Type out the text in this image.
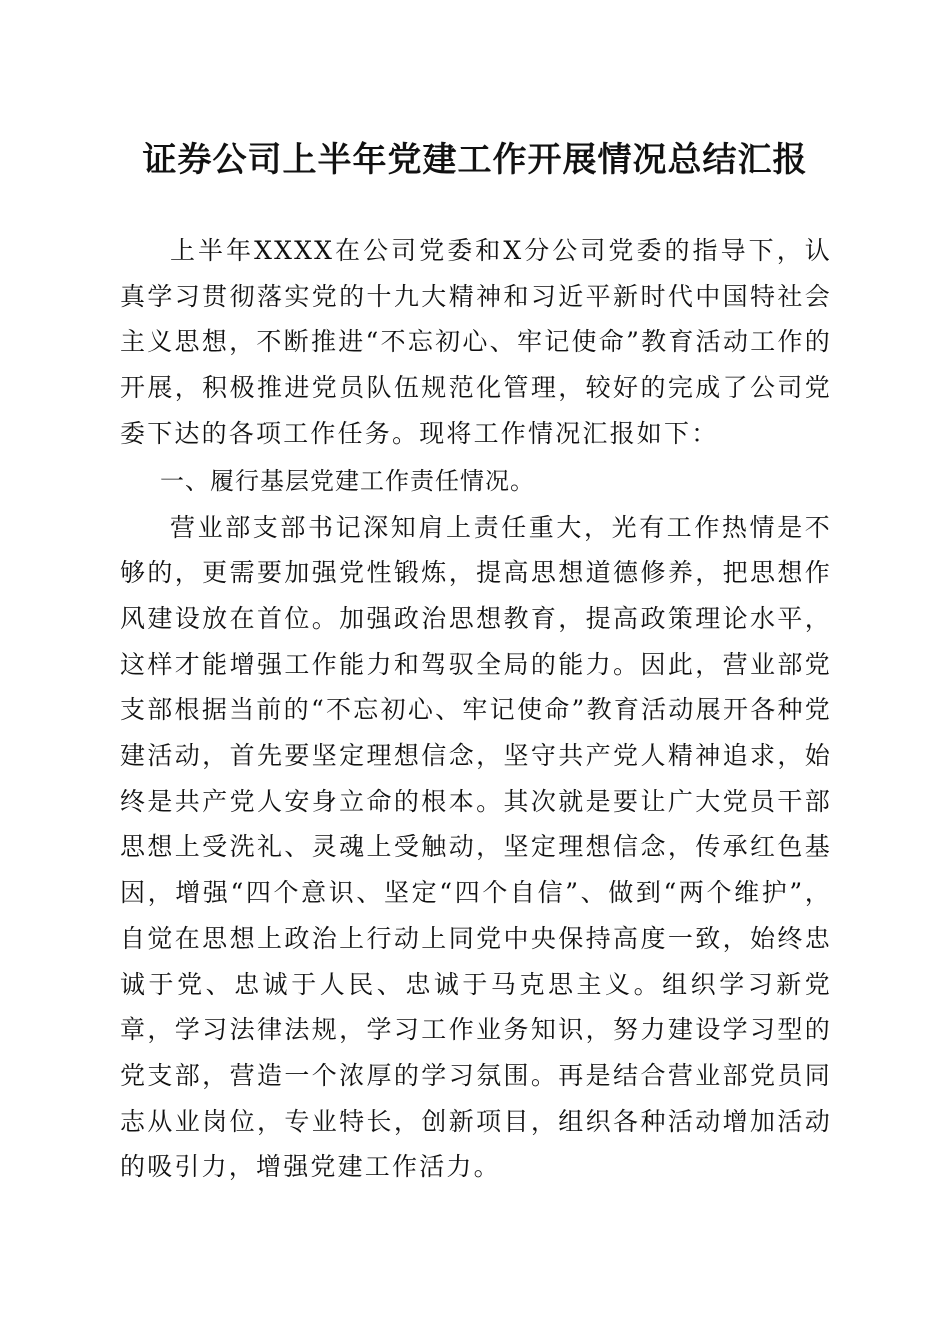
证券公司上半年党建工作开展情况总结汇报

上半年XXXX在公司党委和X分公司党委的指导下，认真学习贯彻落实党的十九大精神和习近平新时代中国特社会主义思想，不断推进“不忘初心、牢记使命”教育活动工作的开展，积极推进党员队伍规范化管理，较好的完成了公司党委下达的各项工作任务。现将工作情况汇报如下：

一、履行基层党建工作责任情况。

营业部支部书记深知肩上责任重大，光有工作热情是不够的，更需要加强党性锻炼，提高思想道德修养，把思想作风建设放在首位。加强政治思想教育，提高政策理论水平，这样才能增强工作能力和驾驭全局的能力。因此，营业部党支部根据当前的“不忘初心、牢记使命”教育活动展开各种党建活动，首先要坚定理想信念，坚守共产党人精神追求，始终是共产党人安身立命的根本。其次就是要让广大党员干部思想上受洗礼、灵魂上受触动，坚定理想信念，传承红色基因，增强“四个意识、坚定“四个自信”、做到“两个维护”，自觉在思想上政治上行动上同党中央保持高度一致，始终忠诚于党、忠诚于人民、忠诚于马克思主义。组织学习新党章，学习法律法规，学习工作业务知识，努力建设学习型的党支部，营造一个浓厚的学习氛围。再是结合营业部党员同志从业岗位，专业特长，创新项目，组织各种活动增加活动的吸引力，增强党建工作活力。
